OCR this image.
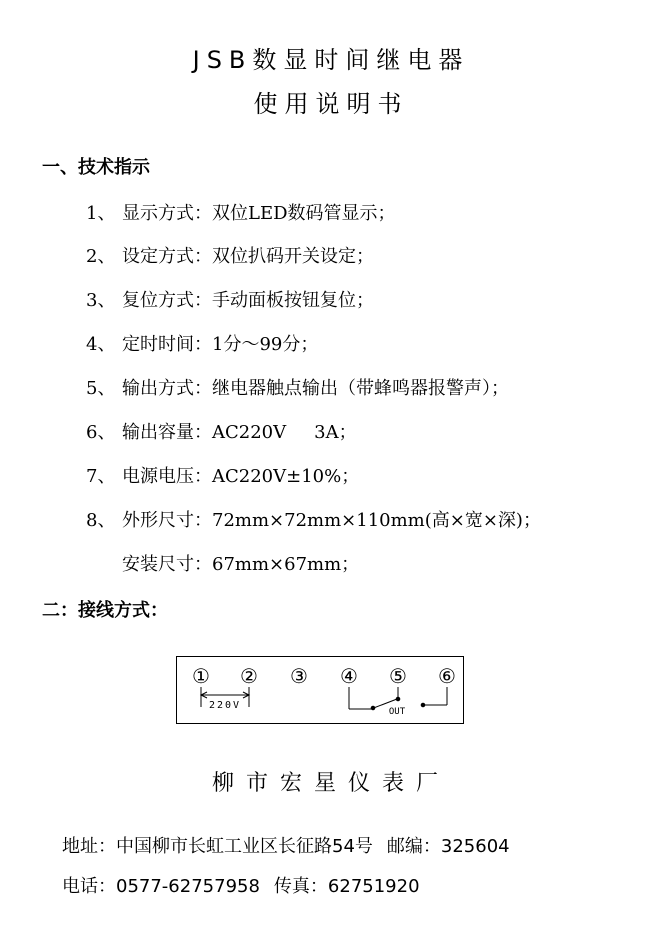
JSB数显时间继电器
使用说明书
一、技术指示
1、 显示方式：双位LED数码管显示；
2、 设定方式：双位扒码开关设定；
3、 复位方式：手动面板按钮复位；
4、 定时时间：1分～99分；
5、 输出方式：继电器触点输出（带蜂鸣器报警声）；
6、 输出容量：AC220V 3A；
7、 电源电压：AC220V±10%；
8、 外形尺寸：72mm×72mm×110mm(高×宽×深)；
安装尺寸：67mm×67mm；
二：接线方式：
① ② ③ ④ ⑤ ⑥
220V
OUT
柳市宏星仪表厂
地址：中国柳市长虹工业区长征路54号 邮编：325604
电话：0577-62757958 传真：62751920
